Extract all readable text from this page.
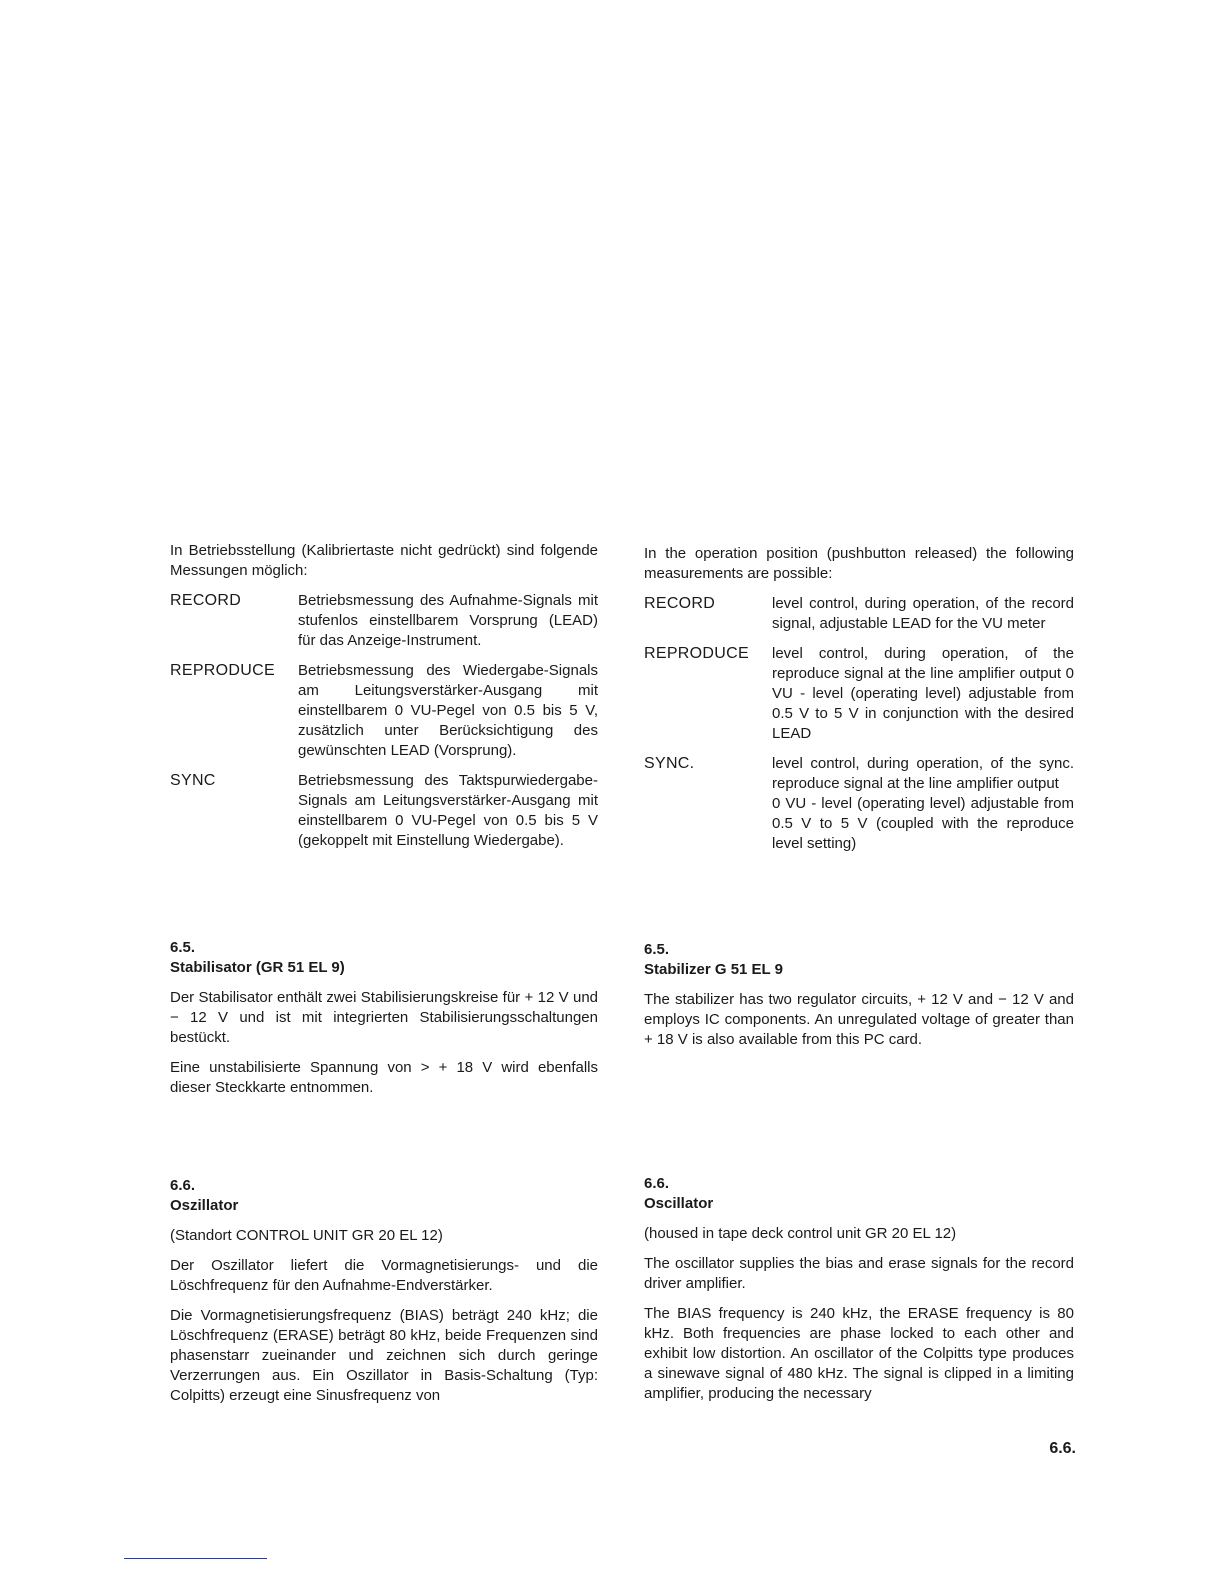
In Betriebsstellung (Kalibriertaste nicht gedrückt) sind folgende Messungen möglich:

RECORD	Betriebsmessung des Aufnahme-Signals mit stufenlos einstellbarem Vorsprung (LEAD) für das Anzeige-Instrument.
REPRODUCE	Betriebsmessung des Wiedergabe-Signals am Leitungsverstärker-Ausgang mit einstellbarem 0 VU-Pegel von 0.5 bis 5 V, zusätzlich unter Berücksichtigung des gewünschten LEAD (Vorsprung).
SYNC	Betriebsmessung des Taktspurwiedergabe-Signals am Leitungsverstärker-Ausgang mit einstellbarem 0 VU-Pegel von 0.5 bis 5 V (gekoppelt mit Einstellung Wiedergabe).

6.5.

Stabilisator (GR 51 EL 9)

Der Stabilisator enthält zwei Stabilisierungskreise für + 12 V und − 12 V und ist mit integrierten Stabilisierungsschaltungen bestückt.

Eine unstabilisierte Spannung von > + 18 V wird ebenfalls dieser Steckkarte entnommen.

6.6.

Oszillator

(Standort CONTROL UNIT GR 20 EL 12)

Der Oszillator liefert die Vormagnetisierungs- und die Löschfrequenz für den Aufnahme-Endverstärker.

Die Vormagnetisierungsfrequenz (BIAS) beträgt 240 kHz; die Löschfrequenz (ERASE) beträgt 80 kHz, beide Frequenzen sind phasenstarr zueinander und zeichnen sich durch geringe Verzerrungen aus. Ein Oszillator in Basis-Schaltung (Typ: Colpitts) erzeugt eine Sinusfrequenz von

In the operation position (pushbutton released) the following measurements are possible:

RECORD	level control, during operation, of the record signal, adjustable LEAD for the VU meter
REPRODUCE	level control, during operation, of the reproduce signal at the line amplifier output 0 VU - level (operating level) adjustable from 0.5 V to 5 V in conjunction with the desired LEAD
SYNC.	level control, during operation, of the sync. reproduce signal at the line amplifier output
0 VU - level (operating level) adjustable from 0.5 V to 5 V (coupled with the reproduce level setting)

6.5.

Stabilizer G 51 EL 9

The stabilizer has two regulator circuits, + 12 V and − 12 V and employs IC components. An unregulated voltage of greater than + 18 V is also available from this PC card.

6.6.

Oscillator

(housed in tape deck control unit GR 20 EL 12)

The oscillator supplies the bias and erase signals for the record driver amplifier.

The BIAS frequency is 240 kHz, the ERASE frequency is 80 kHz. Both frequencies are phase locked to each other and exhibit low distortion. An oscillator of the Colpitts type produces a sinewave signal of 480 kHz. The signal is clipped in a limiting amplifier, producing the necessary

6.6.
